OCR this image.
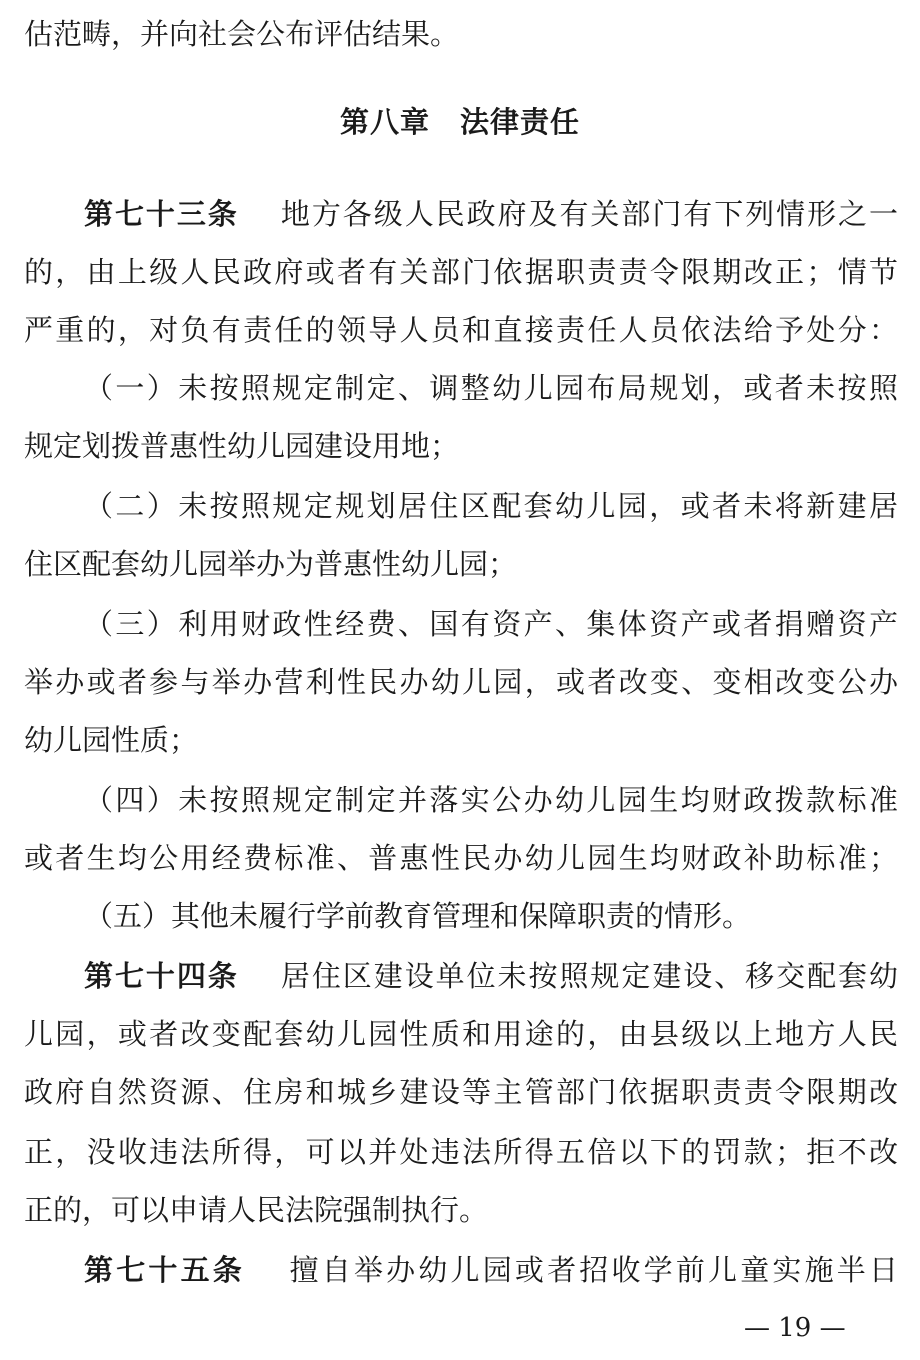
估范畴，并向社会公布评估结果。
第八章　法律责任
第七十三条　 地方各级人民政府及有关部门有下列情形之一
的，由上级人民政府或者有关部门依据职责责令限期改正；情节
严重的，对负有责任的领导人员和直接责任人员依法给予处分：
（一）未按照规定制定、调整幼儿园布局规划，或者未按照
规定划拨普惠性幼儿园建设用地；
（二）未按照规定规划居住区配套幼儿园，或者未将新建居
住区配套幼儿园举办为普惠性幼儿园；
（三）利用财政性经费、国有资产、集体资产或者捐赠资产
举办或者参与举办营利性民办幼儿园，或者改变、变相改变公办
幼儿园性质；
（四）未按照规定制定并落实公办幼儿园生均财政拨款标准
或者生均公用经费标准、普惠性民办幼儿园生均财政补助标准；
（五）其他未履行学前教育管理和保障职责的情形。
第七十四条　 居住区建设单位未按照规定建设、移交配套幼
儿园，或者改变配套幼儿园性质和用途的，由县级以上地方人民
政府自然资源、住房和城乡建设等主管部门依据职责责令限期改
正，没收违法所得，可以并处违法所得五倍以下的罚款；拒不改
正的，可以申请人民法院强制执行。
第七十五条　 擅自举办幼儿园或者招收学前儿童实施半日
— 19 —
